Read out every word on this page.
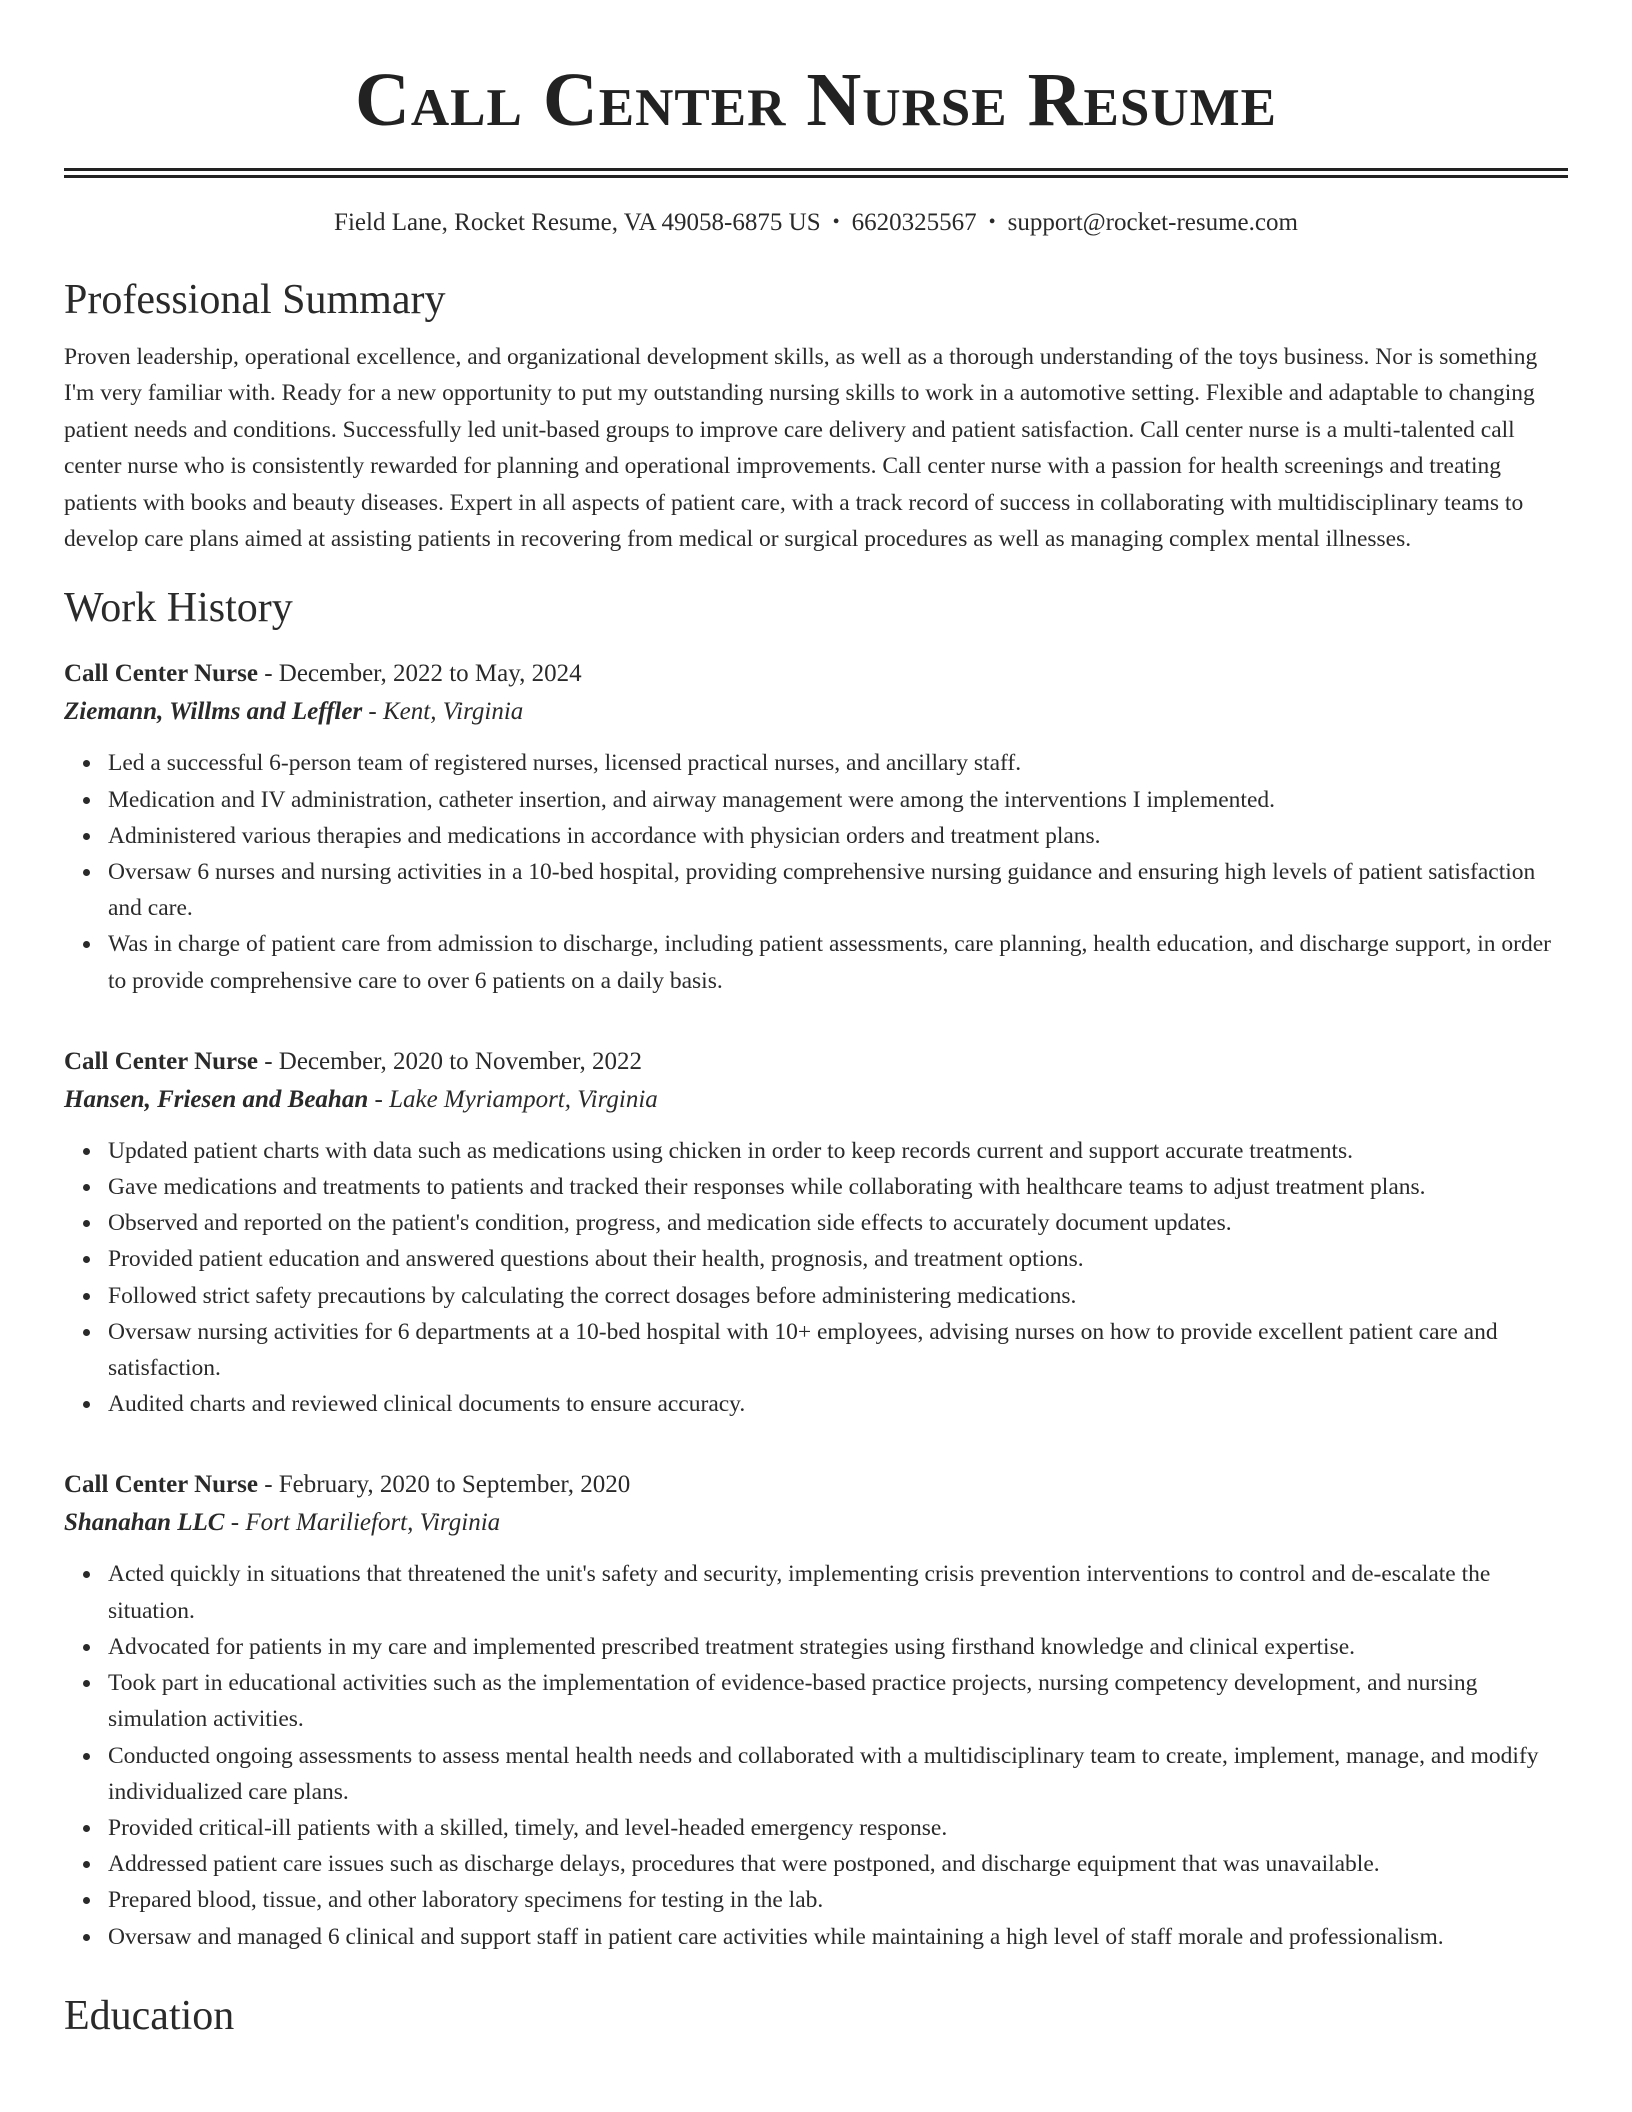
Call Center Nurse Resume
Field Lane, Rocket Resume, VA 49058-6875 US • 6620325567 • support@rocket-resume.com
Professional Summary

Proven leadership, operational excellence, and organizational development skills, as well as a thorough understanding of the toys business. Nor is something I'm very familiar with. Ready for a new opportunity to put my outstanding nursing skills to work in a automotive setting. Flexible and adaptable to changing patient needs and conditions. Successfully led unit-based groups to improve care delivery and patient satisfaction. Call center nurse is a multi-talented call center nurse who is consistently rewarded for planning and operational improvements. Call center nurse with a passion for health screenings and treating patients with books and beauty diseases. Expert in all aspects of patient care, with a track record of success in collaborating with multidisciplinary teams to develop care plans aimed at assisting patients in recovering from medical or surgical procedures as well as managing complex mental illnesses.

Work History
Call Center Nurse - December, 2022 to May, 2024
Ziemann, Willms and Leffler - Kent, Virginia
Led a successful 6-person team of registered nurses, licensed practical nurses, and ancillary staff.
Medication and IV administration, catheter insertion, and airway management were among the interventions I implemented.
Administered various therapies and medications in accordance with physician orders and treatment plans.
Oversaw 6 nurses and nursing activities in a 10-bed hospital, providing comprehensive nursing guidance and ensuring high levels of patient satisfaction and care.
Was in charge of patient care from admission to discharge, including patient assessments, care planning, health education, and discharge support, in order to provide comprehensive care to over 6 patients on a daily basis.
Call Center Nurse - December, 2020 to November, 2022
Hansen, Friesen and Beahan - Lake Myriamport, Virginia
Updated patient charts with data such as medications using chicken in order to keep records current and support accurate treatments.
Gave medications and treatments to patients and tracked their responses while collaborating with healthcare teams to adjust treatment plans.
Observed and reported on the patient's condition, progress, and medication side effects to accurately document updates.
Provided patient education and answered questions about their health, prognosis, and treatment options.
Followed strict safety precautions by calculating the correct dosages before administering medications.
Oversaw nursing activities for 6 departments at a 10-bed hospital with 10+ employees, advising nurses on how to provide excellent patient care and satisfaction.
Audited charts and reviewed clinical documents to ensure accuracy.
Call Center Nurse - February, 2020 to September, 2020
Shanahan LLC - Fort Mariliefort, Virginia
Acted quickly in situations that threatened the unit's safety and security, implementing crisis prevention interventions to control and de-escalate the situation.
Advocated for patients in my care and implemented prescribed treatment strategies using firsthand knowledge and clinical expertise.
Took part in educational activities such as the implementation of evidence-based practice projects, nursing competency development, and nursing simulation activities.
Conducted ongoing assessments to assess mental health needs and collaborated with a multidisciplinary team to create, implement, manage, and modify individualized care plans.
Provided critical-ill patients with a skilled, timely, and level-headed emergency response.
Addressed patient care issues such as discharge delays, procedures that were postponed, and discharge equipment that was unavailable.
Prepared blood, tissue, and other laboratory specimens for testing in the lab.
Oversaw and managed 6 clinical and support staff in patient care activities while maintaining a high level of staff morale and professionalism.
Education
